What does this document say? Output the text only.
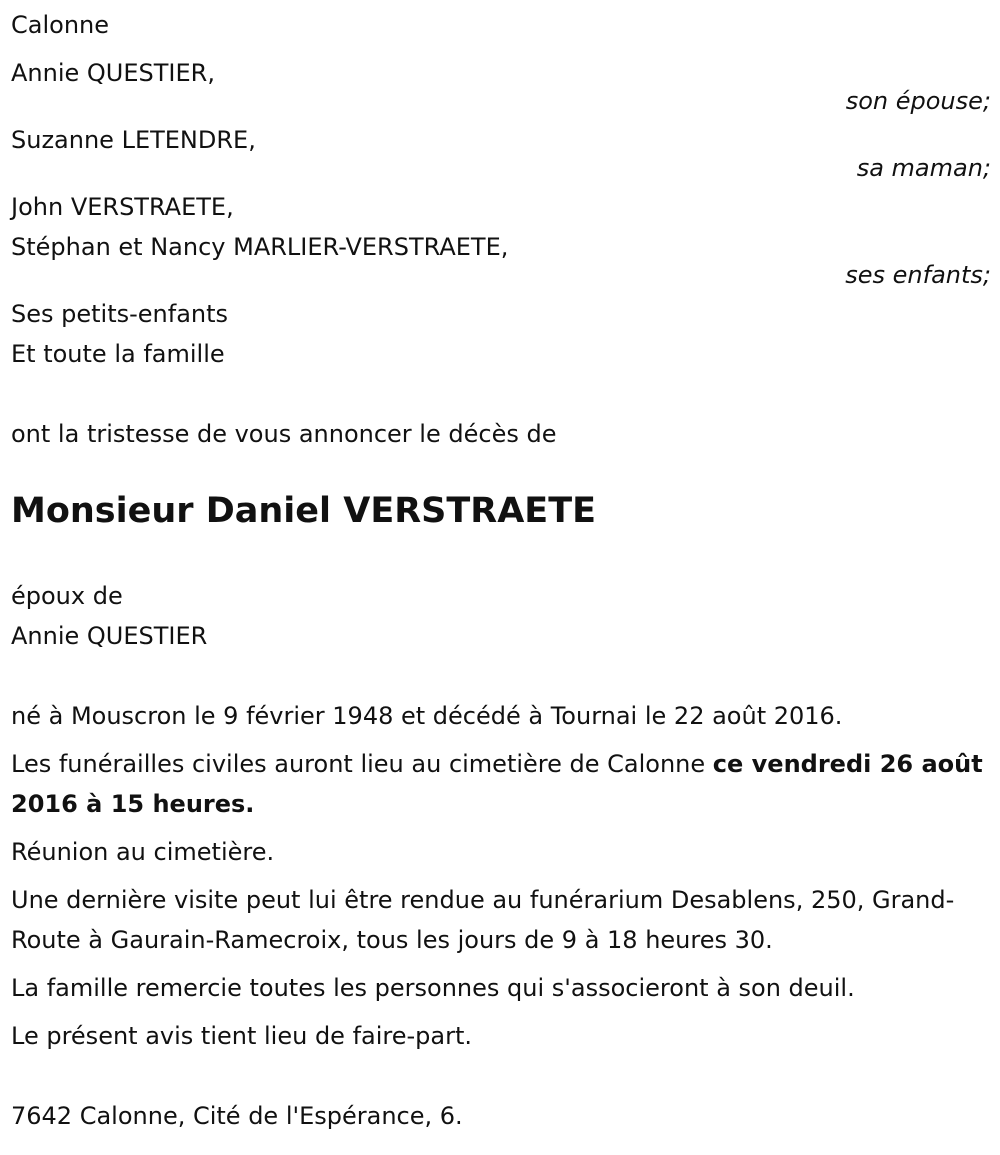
Calonne
Annie QUESTIER,
son épouse;
Suzanne LETENDRE,
sa maman;
John VERSTRAETE,
Stéphan et Nancy MARLIER-VERSTRAETE,
ses enfants;
Ses petits-enfants
Et toute la famille
ont la tristesse de vous annoncer le décès de
Monsieur Daniel VERSTRAETE
époux de
Annie QUESTIER
né à Mouscron le 9 février 1948 et décédé à Tournai le 22 août 2016.
Les funérailles civiles auront lieu au cimetière de Calonne ce vendredi 26 août 2016 à 15 heures.
Réunion au cimetière.
Une dernière visite peut lui être rendue au funérarium Desablens, 250, Grand-Route à Gaurain-Ramecroix, tous les jours de 9 à 18 heures 30.
La famille remercie toutes les personnes qui s'associeront à son deuil.
Le présent avis tient lieu de faire-part.
7642 Calonne, Cité de l'Espérance, 6.
